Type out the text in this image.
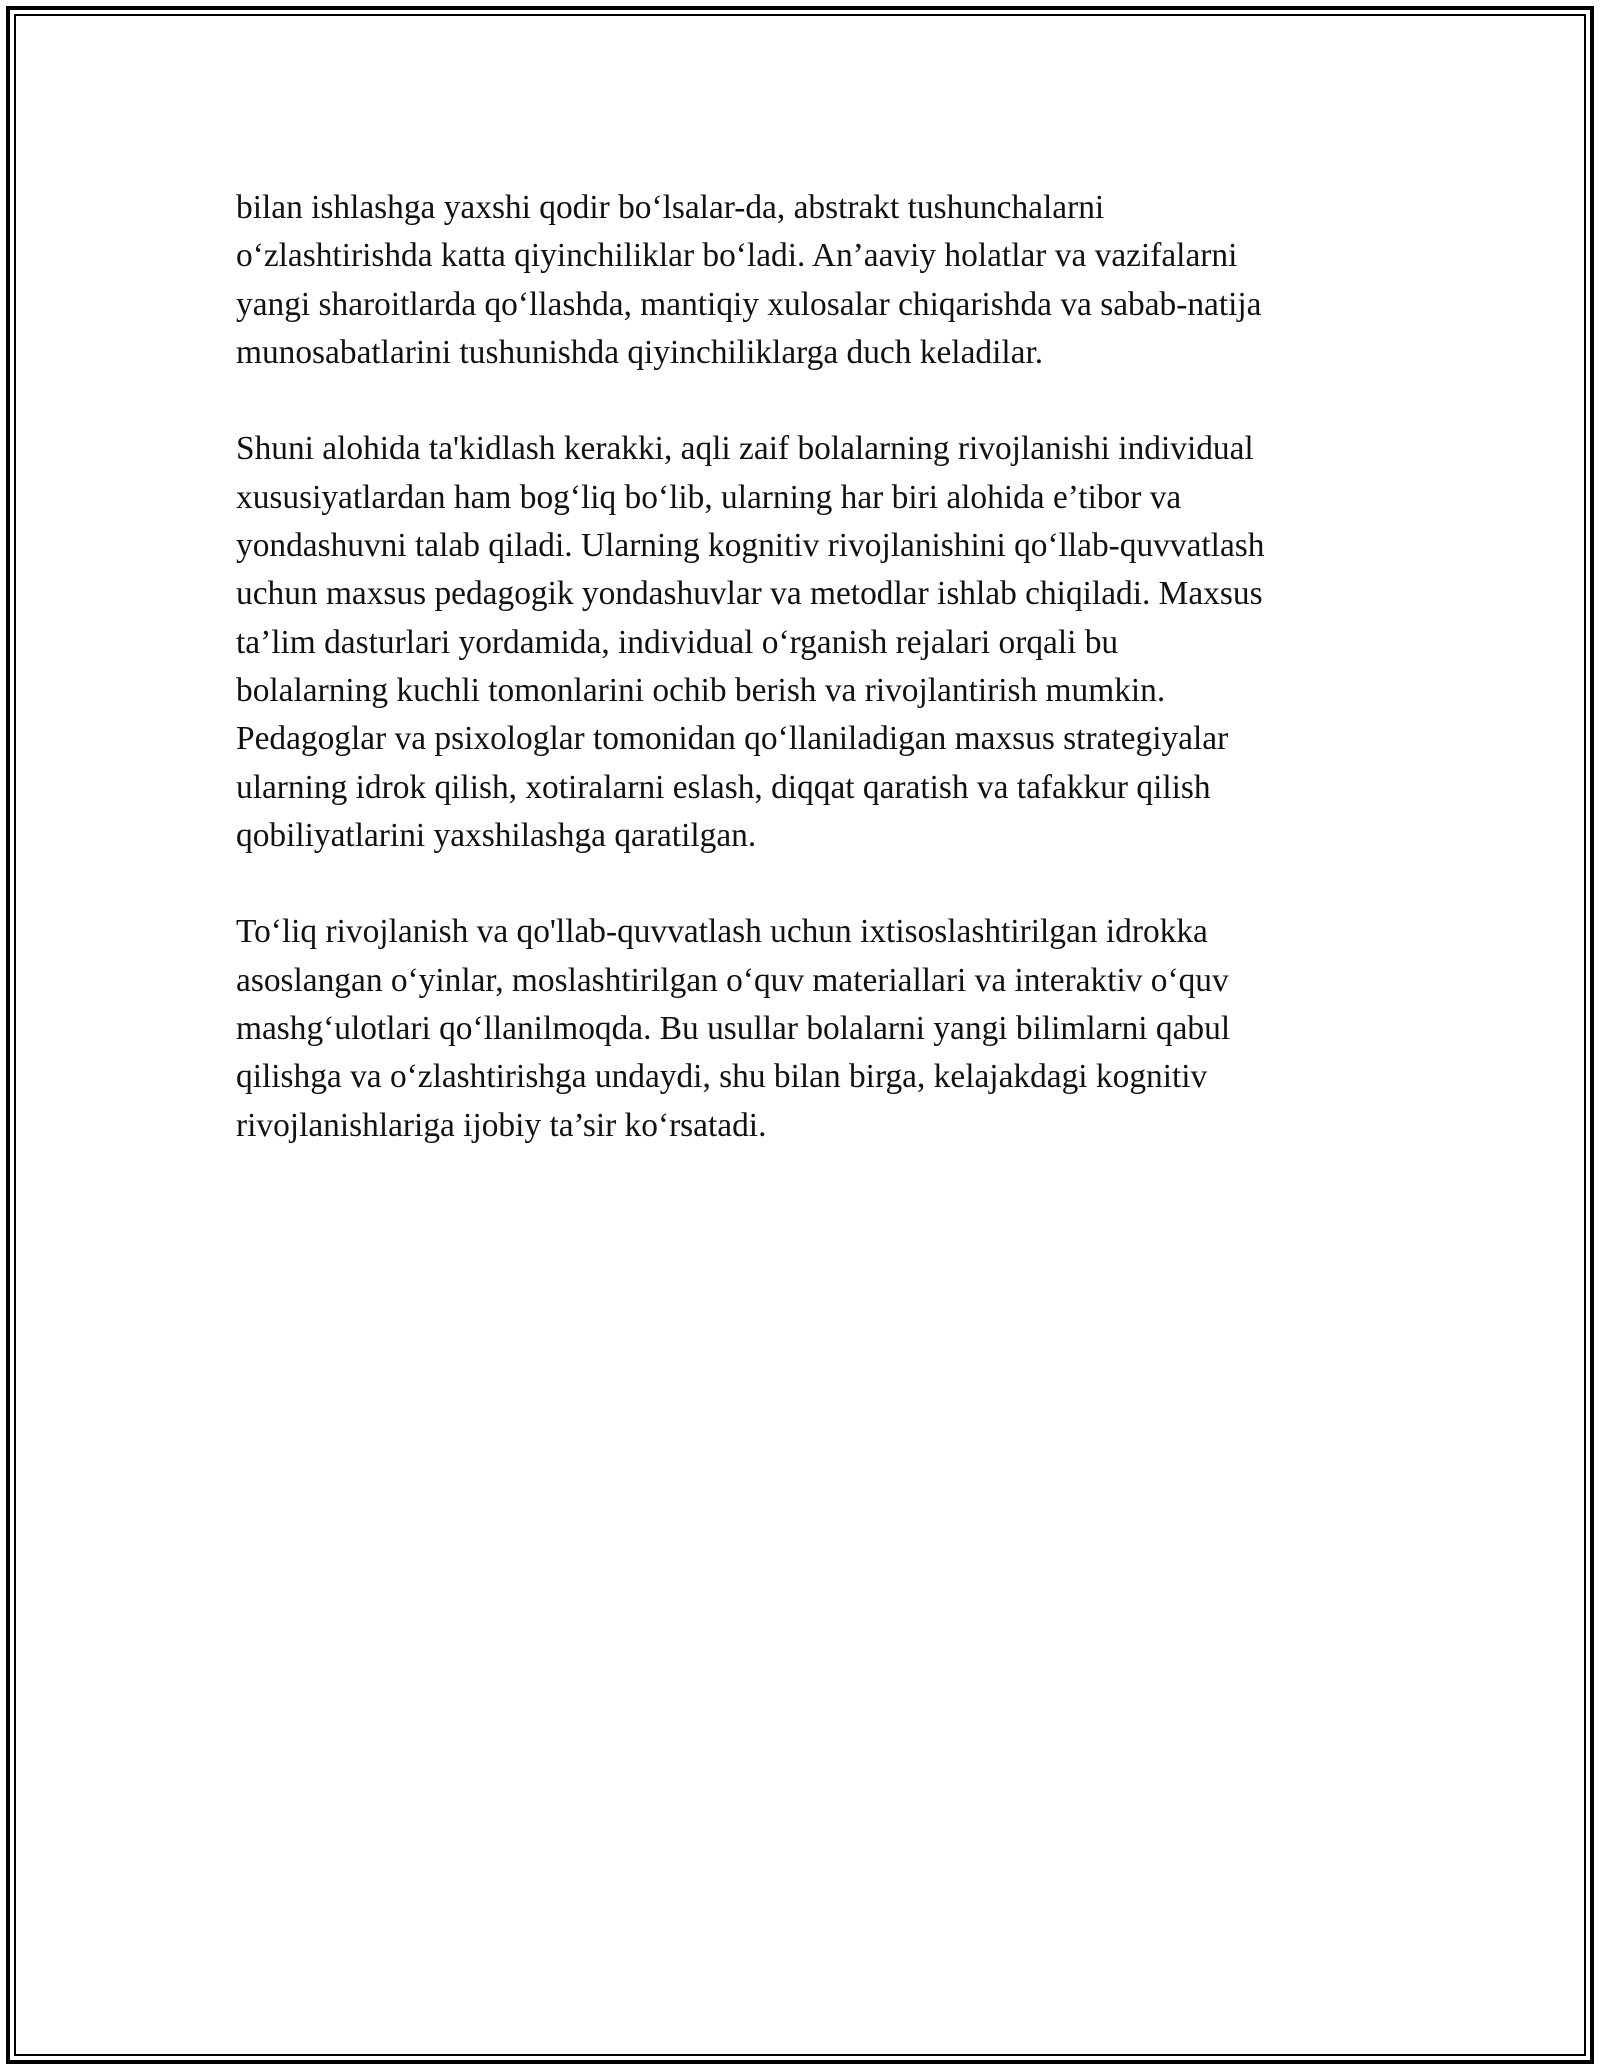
bilan ishlashga yaxshi qodir bo‘lsalar-da, abstrakt tushunchalarni
o‘zlashtirishda katta qiyinchiliklar bo‘ladi. An’aaviy holatlar va vazifalarni
yangi sharoitlarda qo‘llashda, mantiqiy xulosalar chiqarishda va sabab-natija
munosabatlarini tushunishda qiyinchiliklarga duch keladilar.

Shuni alohida ta'kidlash kerakki, aqli zaif bolalarning rivojlanishi individual
xususiyatlardan ham bog‘liq bo‘lib, ularning har biri alohida e’tibor va
yondashuvni talab qiladi. Ularning kognitiv rivojlanishini qo‘llab-quvvatlash
uchun maxsus pedagogik yondashuvlar va metodlar ishlab chiqiladi. Maxsus
ta’lim dasturlari yordamida, individual o‘rganish rejalari orqali bu
bolalarning kuchli tomonlarini ochib berish va rivojlantirish mumkin.
Pedagoglar va psixologlar tomonidan qo‘llaniladigan maxsus strategiyalar
ularning idrok qilish, xotiralarni eslash, diqqat qaratish va tafakkur qilish
qobiliyatlarini yaxshilashga qaratilgan.

To‘liq rivojlanish va qo'llab-quvvatlash uchun ixtisoslashtirilgan idrokka
asoslangan o‘yinlar, moslashtirilgan o‘quv materiallari va interaktiv o‘quv
mashg‘ulotlari qo‘llanilmoqda. Bu usullar bolalarni yangi bilimlarni qabul
qilishga va o‘zlashtirishga undaydi, shu bilan birga, kelajakdagi kognitiv
rivojlanishlariga ijobiy ta’sir ko‘rsatadi.
